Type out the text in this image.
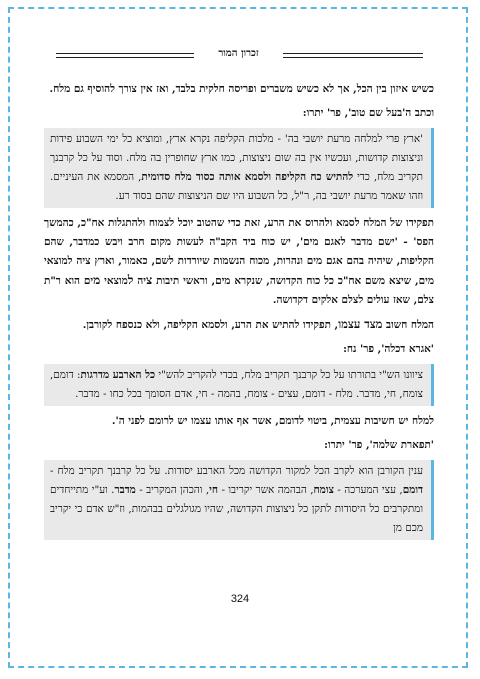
זכרון המור

כשיש איזון בין הכל, אך לא כשיש משברים ופריסה חלקית בלבד, ואז אין צורך להוסיף גם מלח.

וכתב ה'בעל שם טוב', פר' יתרו:

'ארץ פרי למלחה מרעת יושבי בה' - מלכות הקליפה נקרא ארץ, ומוציא כל ימי השבוע פידות וניצוצות קדושות, ועכשיו אין בה שום ניצוצות, כמו ארץ שחופרין בה מלח. וסוד על כל קרבנך תקריב מלח, כדי להתיש כח הקליפה ולסמא אותה כסוד מלח סדומית, המסמא את העיניים. וזהו שאמר מרעת יושבי בה, ר"ל, כל השבוע היו שם הניצוצות שהם בסוד רע.

תפקידו של המלח לסמא ולהרוס את הרע, זאת כדי שהטוב יוכל לצמוח ולהתגלות אח"כ, כהמשך הפס' - 'ישם מדבר לאגם מים', יש כוח ביד הקב"ה לעשות מקום חרב ויבש כמדבר, שהם הקליפות, שיהיה בהם אגם מים ונהרות, מכוח הנשמות שיורדות לשם, כאמור, וארץ ציה למוצאי מים, שיצא משם אח"כ כל כוח הקדושה, שנקרא מים, וראשי תיבות ציה למוצאי מים הוא ר"ת צלם, שאז עולים לצלם אלקים דקדושה.

המלח חשוב מצד עצמו, תפקידו להתיש את הרע, ולסמא הקליפה, ולא כנספח לקורבן.

'אגרא דכלה', פר' נח:

ציוונו הש"י בתורתו על כל קרבנך תקריב מלח, בכדי להקריב להש"י כל הארבע מדרגות: דומם, צומח, חי, מדבר. מלח - דומם, עצים - צומח, בהמה - חי, אדם הסומך בכל כחו - מדבר.

למלח יש חשיבות עצמית, ביטוי לדומם, אשר אף אותו עצמו יש לרומם לפני ה'.

'תפארת שלמה', פר' יתרו:

ענין הקורבן הוא לקרב הכל למקור הקדושה מכל הארבע יסודות. על כל קרבנך תקריב מלח - דומם, עצי המערכה - צומח, הבהמה אשר יקריבו - חי, והכהן המקריב - מדבר. וע"י מתייחדים ומתקרבים כל היסודות לתקן כל ניצוצות הקדושה, שהיו מגולגלים בבהמות, וז"ש אדם כי יקריב מכם מן
324
